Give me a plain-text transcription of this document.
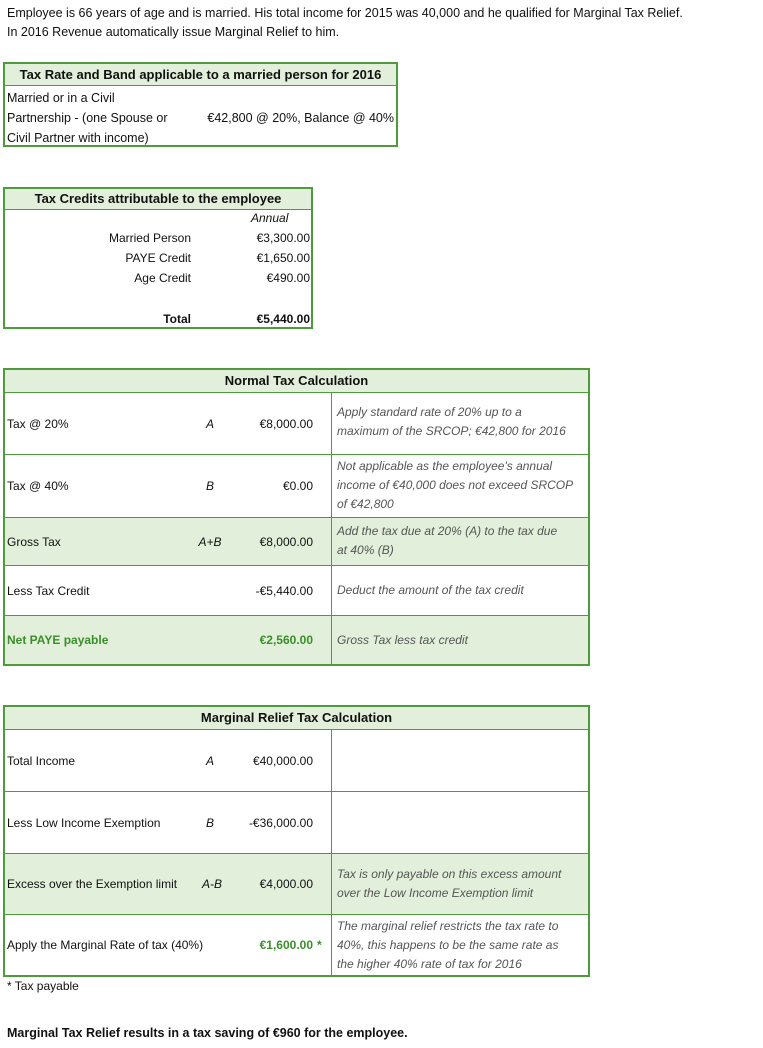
Employee is 66 years of age and is married. His total income for 2015 was 40,000 and he qualified for Marginal Tax Relief.
In 2016 Revenue automatically issue Marginal Relief to him.
Tax Rate and Band applicable to a married person for 2016
Married or in a Civil
Partnership - (one Spouse or
Civil Partner with income)
€42,800 @ 20%, Balance @ 40%
Tax Credits attributable to the employee
Annual
Married Person	€3,300.00
PAYE Credit	€1,650.00
Age Credit	€490.00
Total	€5,440.00
Normal Tax Calculation
Tax @ 20%	A	€8,000.00
Apply standard rate of 20% up to a
maximum of the SRCOP; €42,800 for 2016
Tax @ 40%	B	€0.00
Not applicable as the employee's annual
income of €40,000 does not exceed SRCOP
of €42,800
Gross Tax	A+B	€8,000.00
Add the tax due at 20% (A) to the tax due
at 40% (B)
Less Tax Credit	-€5,440.00 Deduct the amount of the tax credit
Net PAYE payable	€2,560.00 Gross Tax less tax credit
Marginal Relief Tax Calculation
Total Income	A	€40,000.00
Less Low Income Exemption	B	-€36,000.00
Excess over the Exemption limit	A-B	€4,000.00
Tax is only payable on this excess amount
over the Low Income Exemption limit
Apply the Marginal Rate of tax (40%)	€1,600.00 *
The marginal relief restricts the tax rate to
40%, this happens to be the same rate as
the higher 40% rate of tax for 2016
* Tax payable
Marginal Tax Relief results in a tax saving of €960 for the employee.
